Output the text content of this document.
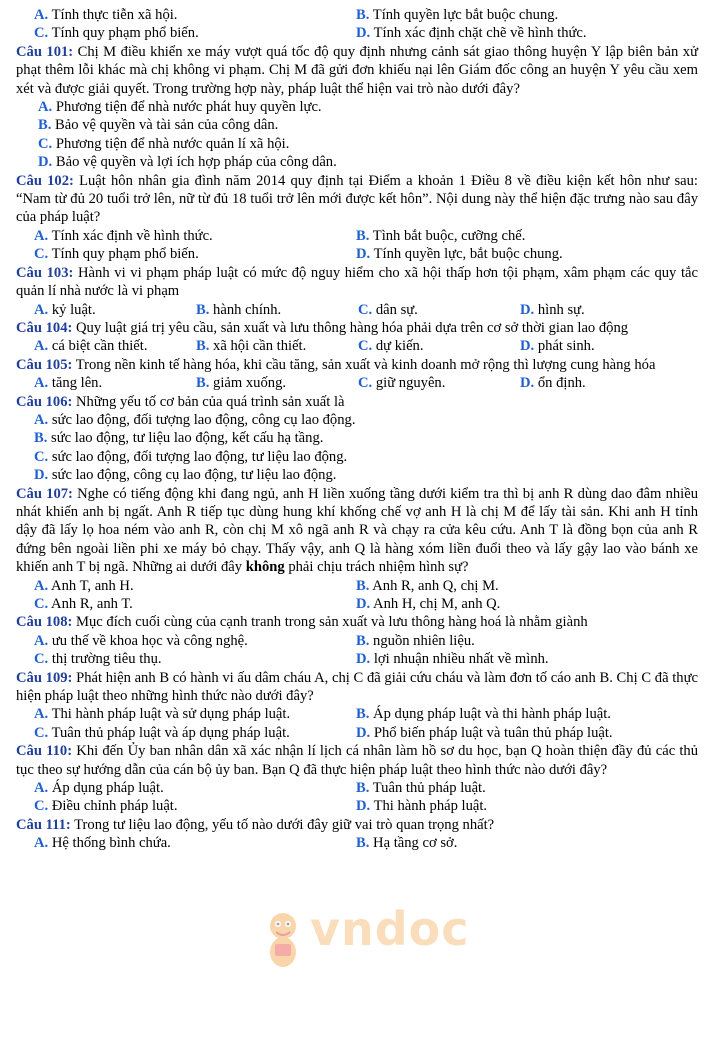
A. Tính thực tiễn xã hội.	B. Tính quyền lực bắt buộc chung.
C. Tính quy phạm phổ biến.	D. Tính xác định chặt chẽ về hình thức.

Câu 101: Chị M điều khiển xe máy vượt quá tốc độ quy định nhưng cảnh sát giao thông huyện Y lập biên bản xử phạt thêm lỗi khác mà chị không vi phạm. Chị M đã gửi đơn khiếu nại lên Giám đốc công an huyện Y yêu cầu xem xét và được giải quyết. Trong trường hợp này, pháp luật thể hiện vai trò nào dưới đây?

A. Phương tiện để nhà nước phát huy quyền lực.
B. Bảo vệ quyền và tài sản của công dân.
C. Phương tiện để nhà nước quản lí xã hội.
D. Bảo vệ quyền và lợi ích hợp pháp của công dân.

Câu 102: Luật hôn nhân gia đình năm 2014 quy định tại Điểm a khoản 1 Điều 8 về điều kiện kết hôn như sau: “Nam từ đủ 20 tuổi trở lên, nữ từ đủ 18 tuổi trở lên mới được kết hôn”. Nội dung này thể hiện đặc trưng nào sau đây của pháp luật?

A. Tính xác định về hình thức.	B. Tình bắt buộc, cưỡng chế.
C. Tính quy phạm phổ biến.	D. Tính quyền lực, bắt buộc chung.

Câu 103: Hành vi vi phạm pháp luật có mức độ nguy hiểm cho xã hội thấp hơn tội phạm, xâm phạm các quy tắc quản lí nhà nước là vi phạm

A. kỷ luật.	B. hành chính.	C. dân sự.	D. hình sự.

Câu 104: Quy luật giá trị yêu cầu, sản xuất và lưu thông hàng hóa phải dựa trên cơ sở thời gian lao động

A. cá biệt cần thiết.	B. xã hội cần thiết.	C. dự kiến.	D. phát sinh.

Câu 105: Trong nền kinh tế hàng hóa, khi cầu tăng, sản xuất và kinh doanh mở rộng thì lượng cung hàng hóa

A. tăng lên.	B. giảm xuống.	C. giữ nguyên.	D. ổn định.

Câu 106: Những yếu tố cơ bản của quá trình sản xuất là

A. sức lao động, đối tượng lao động, công cụ lao động.
B. sức lao động, tư liệu lao động, kết cấu hạ tầng.
C. sức lao động, đối tượng lao động, tư liệu lao động.
D. sức lao động, công cụ lao động, tư liệu lao động.

Câu 107: Nghe có tiếng động khi đang ngủ, anh H liền xuống tầng dưới kiểm tra thì bị anh R dùng dao đâm nhiều nhát khiến anh bị ngất. Anh R tiếp tục dùng hung khí khống chế vợ anh H là chị M để lấy tài sản. Khi anh H tỉnh dậy đã lấy lọ hoa ném vào anh R, còn chị M xô ngã anh R và chạy ra cửa kêu cứu. Anh T là đồng bọn của anh R đứng bên ngoài liền phi xe máy bỏ chạy. Thấy vậy, anh Q là hàng xóm liền đuổi theo và lấy gậy lao vào bánh xe khiến anh T bị ngã. Những ai dưới đây không phải chịu trách nhiệm hình sự?

A. Anh T, anh H.	B. Anh R, anh Q, chị M.
C. Anh R, anh T.	D. Anh H, chị M, anh Q.

Câu 108: Mục đích cuối cùng của cạnh tranh trong sản xuất và lưu thông hàng hoá là nhằm giành

A. ưu thế về khoa học và công nghệ.	B. nguồn nhiên liệu.
C. thị trường tiêu thụ.	D. lợi nhuận nhiều nhất về mình.

Câu 109: Phát hiện anh B có hành vi ấu dâm cháu A, chị C đã giải cứu cháu và làm đơn tố cáo anh B. Chị C đã thực hiện pháp luật theo những hình thức nào dưới đây?

A. Thi hành pháp luật và sử dụng pháp luật.	B. Áp dụng pháp luật và thi hành pháp luật.
C. Tuân thủ pháp luật và áp dụng pháp luật.	D. Phổ biến pháp luật và tuân thủ pháp luật.

Câu 110: Khi đến Ủy ban nhân dân xã xác nhận lí lịch cá nhân làm hồ sơ du học, bạn Q hoàn thiện đầy đủ các thủ tục theo sự hướng dẫn của cán bộ ủy ban. Bạn Q đã thực hiện pháp luật theo hình thức nào dưới đây?

A. Áp dụng pháp luật.	B. Tuân thủ pháp luật.
C. Điều chỉnh pháp luật.	D. Thi hành pháp luật.

Câu 111: Trong tư liệu lao động, yếu tố nào dưới đây giữ vai trò quan trọng nhất?

A. Hệ thống bình chứa.	B. Hạ tầng cơ sở.
vndoc
